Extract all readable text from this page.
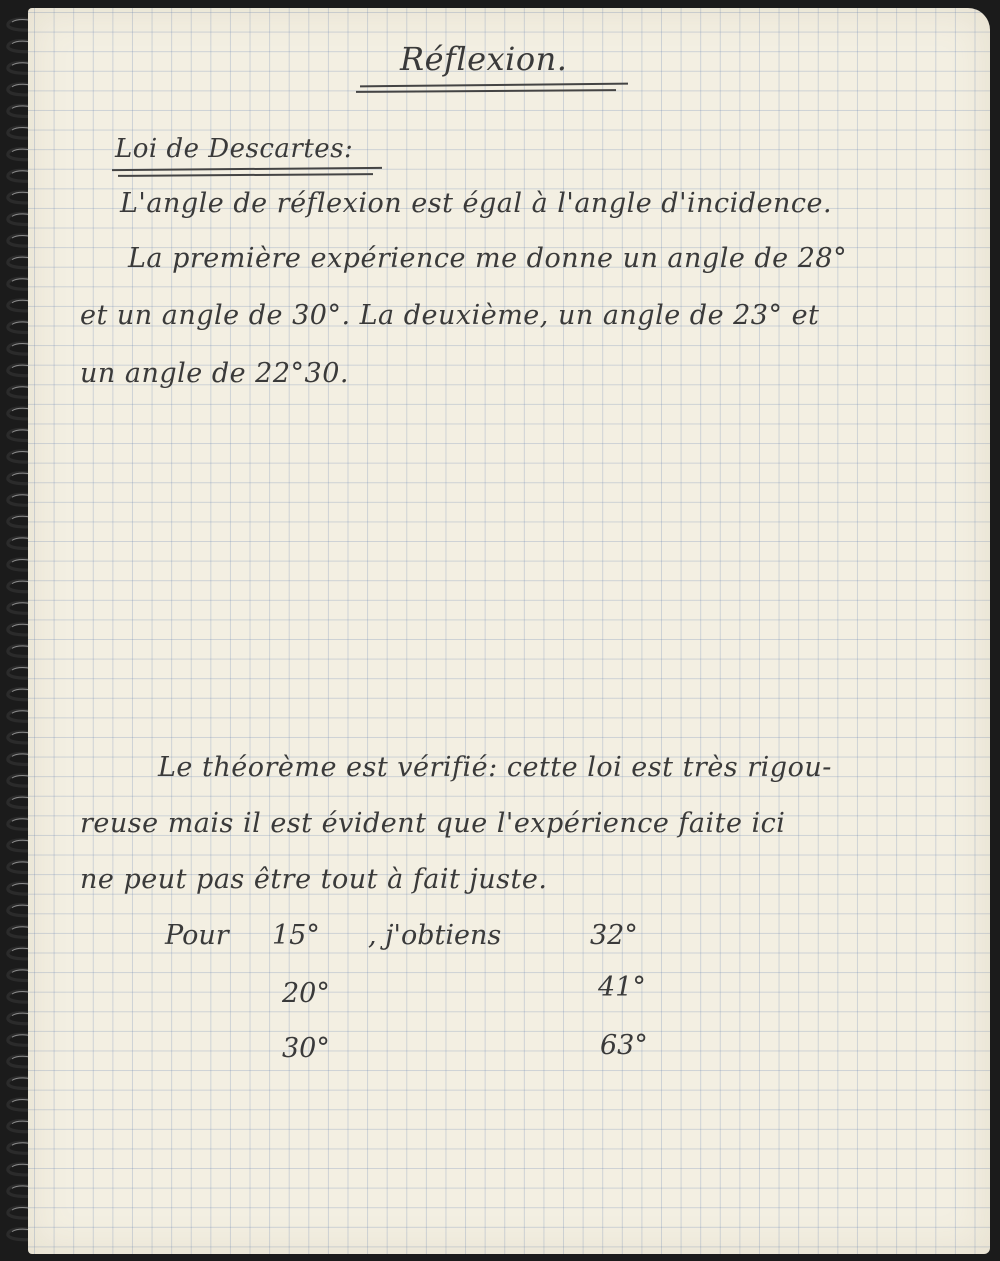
Réflexion.

Loi de Descartes:

L'angle de réflexion est égal à l'angle d'incidence.

La première expérience me donne un angle de 28°

et un angle de 30°. La deuxième, un angle de 23° et

un angle de 22°30.

Le théorème est vérifié: cette loi est très rigou-

reuse mais il est évident que l'expérience faite ici

ne peut pas être tout à fait juste.

Pour 15° , j'obtiens	32°

20°	41°

30°	63°
